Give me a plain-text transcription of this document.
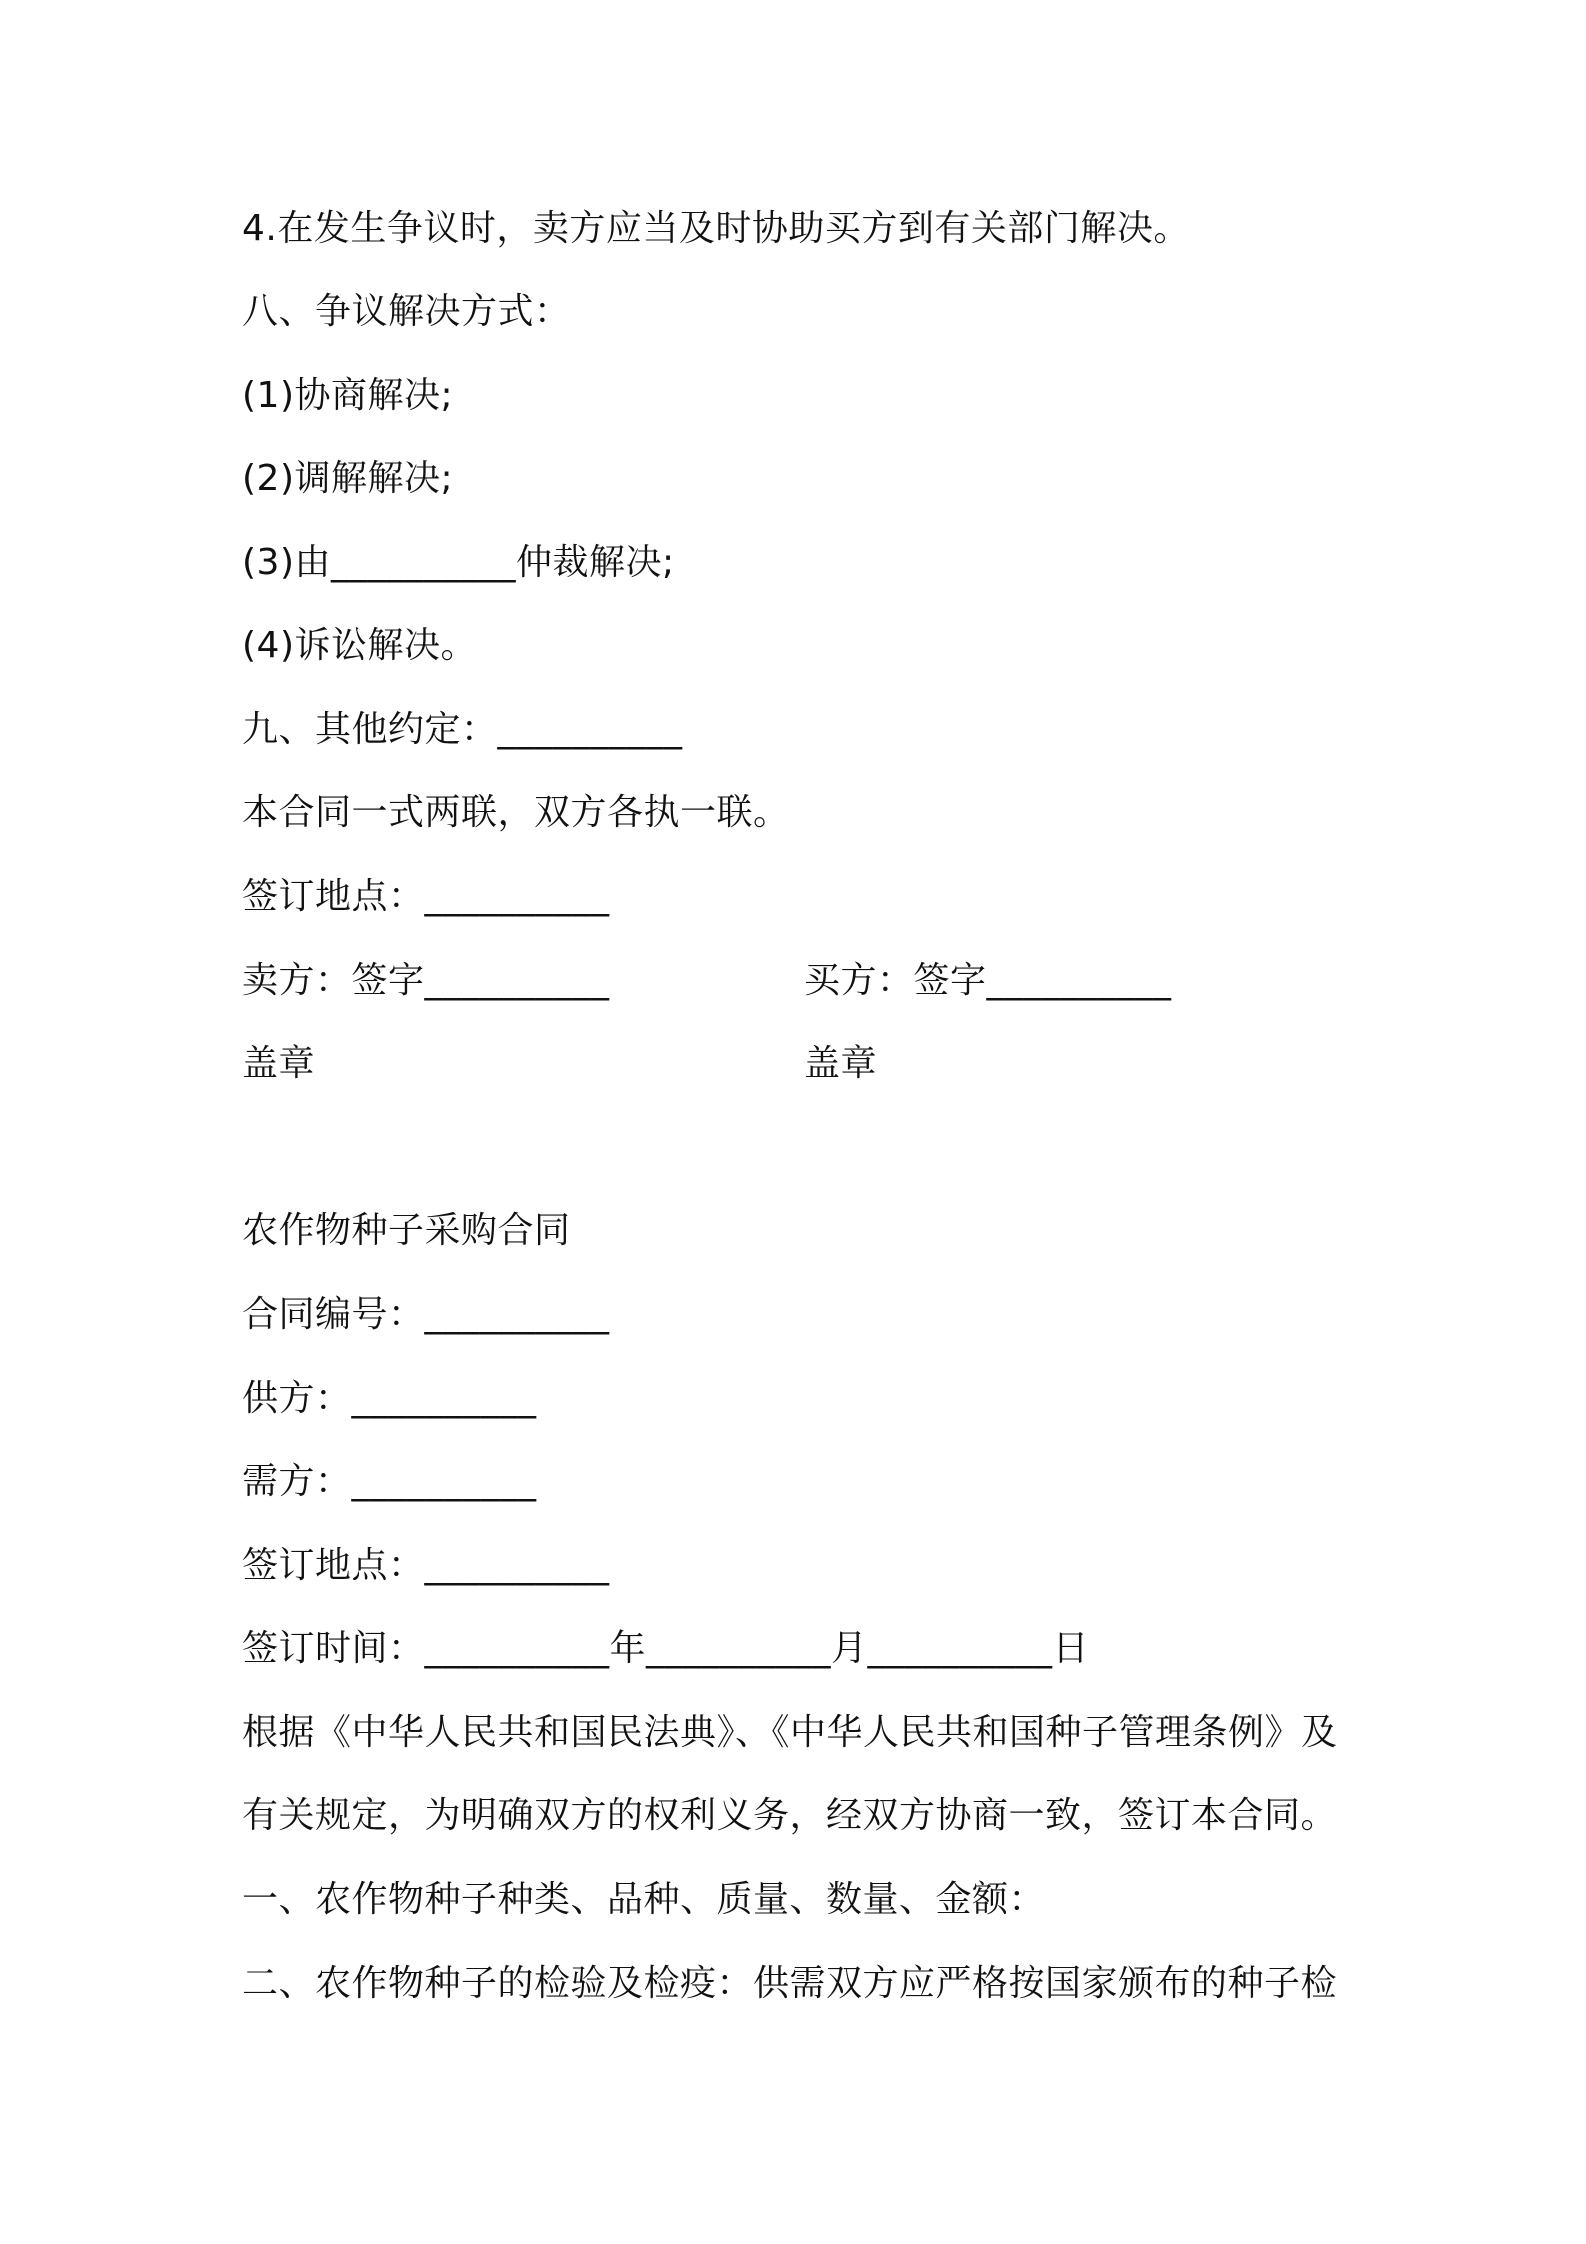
4.在发生争议时，卖方应当及时协助买方到有关部门解决。
八、争议解决方式：
(1)协商解决;
(2)调解解决;
(3)由__________仲裁解决;
(4)诉讼解决。
九、其他约定：__________
本合同一式两联，双方各执一联。
签订地点：__________
卖方：签字__________	买方：签字__________
盖章	盖章
农作物种子采购合同
合同编号：__________
供方：__________
需方：__________
签订地点：__________
签订时间：__________年__________月__________日
根据《中华人民共和国民法典》、《中华人民共和国种子管理条例》及
有关规定，为明确双方的权利义务，经双方协商一致，签订本合同。
一、农作物种子种类、品种、质量、数量、金额：
二、农作物种子的检验及检疫：供需双方应严格按国家颁布的种子检
